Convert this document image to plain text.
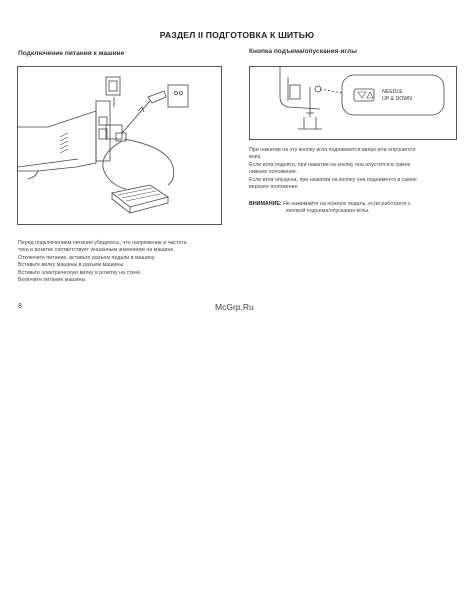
РАЗДЕЛ II ПОДГОТОВКА К ШИТЬЮ
Подключение питания к машине
Перед подключением питания убедитесь, что напряжение и частота
тока в розетке соответствует указанным значениям на машине.
Отключите питание, вставьте разъем педали в машину.
Вставьте вилку машины в разъем машины.
Вставьте электрическую вилку в розетку на стене.
Включите питание машины.
Кнопка подъема/опускания иглы
NEEDLE
UP & DOWN
При нажатии на эту кнопку игла поднимается вверх или опускается
вниз.
Если игла поднята, при нажатии на кнопку она опустится в самое
нижнее положение.
Если игла опущена, при нажатии на кнопку она поднимется в самое
верхнее положение.
ВНИМАНИЕ: Не нажимайте на ножную педаль, если работаете с
кнопкой подъема/опускания иглы.
8	McGrp.Ru
